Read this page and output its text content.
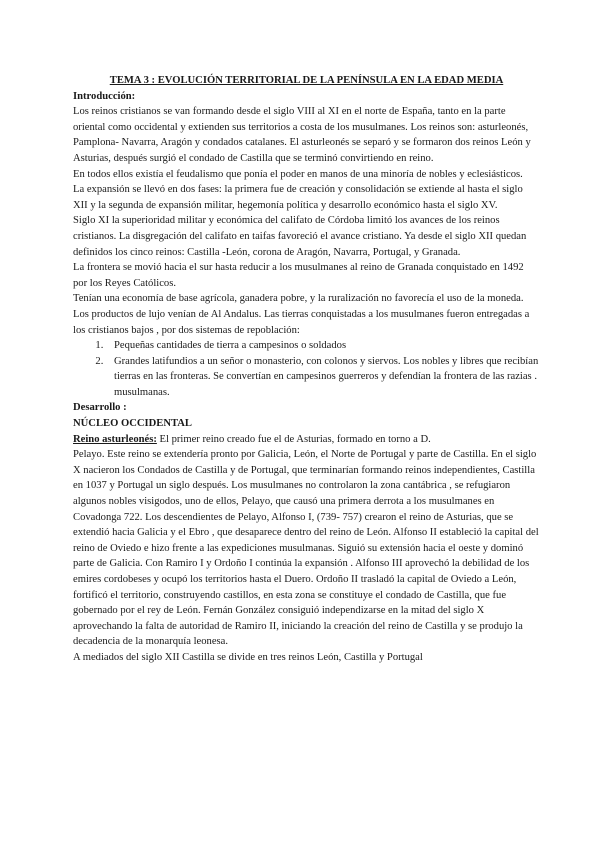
TEMA 3 : EVOLUCIÓN TERRITORIAL DE LA PENÍNSULA EN LA EDAD MEDIA

Introducción:

Los reinos cristianos se van formando desde el siglo VIII al XI en el norte de España, tanto en la parte oriental como occidental y extienden sus territorios a costa de los musulmanes. Los reinos son: asturleonés, Pamplona- Navarra, Aragón y condados catalanes. El asturleonés se separó y se formaron dos reinos León y Asturias, después surgió el condado de Castilla que se terminó convirtiendo en reino.

En todos ellos existía el feudalismo que ponía el poder en manos de una minoría de nobles y eclesiásticos.

La expansión se llevó en dos fases: la primera fue de creación y consolidación se extiende al hasta el siglo XII y la segunda de expansión militar, hegemonía política y desarrollo económico hasta el siglo XV.

Siglo XI la superioridad militar y económica del califato de Córdoba limitó los avances de los reinos cristianos. La disgregación del califato en taifas favoreció el avance cristiano. Ya desde el siglo XII quedan definidos los cinco reinos: Castilla -León, corona de Aragón, Navarra, Portugal, y Granada.

La frontera se movió hacia el sur hasta reducir a los musulmanes al reino de Granada conquistado en 1492 por los Reyes Católicos.

Tenían una economía de base agrícola, ganadera pobre, y la ruralización no favorecía el uso de la moneda. Los productos de lujo venían de Al Andalus. Las tierras conquistadas a los musulmanes fueron entregadas a los cristianos bajos , por dos sistemas de repoblación:

1. Pequeñas cantidades de tierra a campesinos o soldados
2. Grandes latifundios a un señor o monasterio, con colonos y siervos. Los nobles y libres que recibían tierras en las fronteras. Se convertían en campesinos guerreros y defendían la frontera de las razias . musulmanas.

Desarrollo :

NÚCLEO OCCIDENTAL

Reino asturleonés: El primer reino creado fue el de Asturias, formado en torno a D.

Pelayo. Este reino se extendería pronto por Galicia, León, el Norte de Portugal y parte de Castilla. En el siglo X nacieron los Condados de Castilla y de Portugal, que terminarían formando reinos independientes, Castilla en 1037 y Portugal un siglo después. Los musulmanes no controlaron la zona cantábrica , se refugiaron algunos nobles visigodos, uno de ellos, Pelayo, que causó una primera derrota a los musulmanes en Covadonga 722. Los descendientes de Pelayo, Alfonso I, (739- 757) crearon el reino de Asturias, que se extendió hacia Galicia y el Ebro , que desaparece dentro del reino de León. Alfonso II estableció la capital del reino de Oviedo e hizo frente a las expediciones musulmanas. Siguió su extensión hacia el oeste y dominó parte de Galicia. Con Ramiro I y Ordoño I continúa la expansión . Alfonso III aprovechó la debilidad de los emires cordobeses y ocupó los territorios hasta el Duero. Ordoño II trasladó la capital de Oviedo a León, fortificó el territorio, construyendo castillos, en esta zona se constituye el condado de Castilla, que fue gobernado por el rey de León. Fernán González consiguió independizarse en la mitad del siglo X aprovechando la falta de autoridad de Ramiro II, iniciando la creación del reino de Castilla y se produjo la decadencia de la monarquía leonesa.

A mediados del siglo XII Castilla se divide en tres reinos León, Castilla y Portugal
